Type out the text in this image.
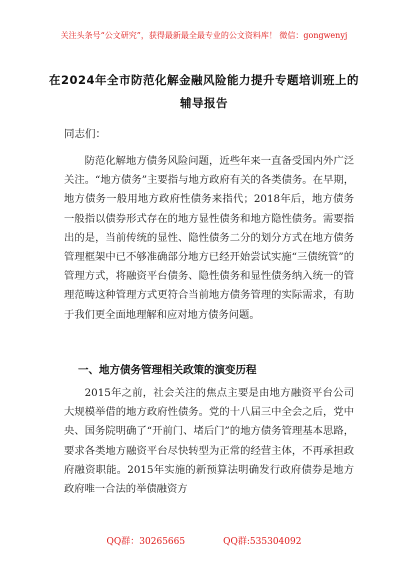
关注头条号“公文研究”，获得最新最全最专业的公文资料库！ 微信：gongwenyj
在2024年全市防范化解金融风险能力提升专题培训班上的
辅导报告
同志们：

防范化解地方债务风险问题，近些年来一直备受国内外广泛关注。“地方债务”主要指与地方政府有关的各类债务。在早期，地方债务一般用地方政府性债务来指代；2018年后，地方债务一般指以债券形式存在的地方显性债务和地方隐性债务。需要指出的是，当前传统的显性、隐性债务二分的划分方式在地方债务管理框架中已不够准确部分地方已经开始尝试实施“三债统管”的管理方式，将融资平台债务、隐性债务和显性债务纳入统一的管理范畴这种管理方式更符合当前地方债务管理的实际需求，有助于我们更全面地理解和应对地方债务问题。

一、地方债务管理相关政策的演变历程

2015年之前，社会关注的焦点主要是由地方融资平台公司大规模举借的地方政府性债务。党的十八届三中全会之后，党中央、国务院明确了“开前门、堵后门”的地方债务管理基本思路，要求各类地方融资平台尽快转型为正常的经营主体，不再承担政府融资职能。2015年实施的新预算法明确发行政府债券是地方政府唯一合法的举债融资方

QQ群：30265665	QQ群:535304092
